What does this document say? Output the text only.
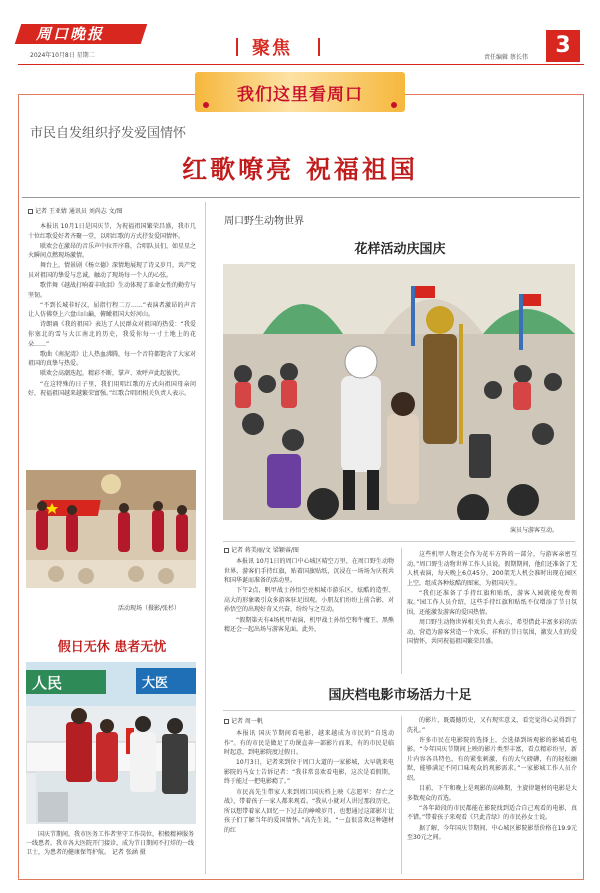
周口晚报
2024年10月8日 星期二	聚焦	责任编辑 蔡长伟	3
我们这里看周口
市民自发组织抒发爱国情怀
红歌嘹亮 祝福祖国
记者 王亚婧 通讯员 刘尚志 文/图

本报讯 10月1日是国庆节，为祝福祖国繁荣昌盛，我市几十位红歌爱好者齐聚一堂，以唱红歌的方式抒发爱国情怀。

联欢会在激昂的音乐声中拉开序幕，合唱队员们，如星星之火瞬间点燃现场激情。

舞台上，情景剧《杨立德》深情地展现了诗义岁月，共产党员对祖国的挚爱与忠诚，触动了现场每一个人的心弦。

歌伴舞《越战打响着丰收泪》生动体现了革命女性的勤劳与坚韧。

“不到长城非好汉，屈指行程二万……”表演者激昂的声音让人仿佛登上六盘山山巅，俯瞰祖国大好河山。

诗朗诵《我的祖国》表达了人民群众对祖国的热爱：“我爱你塞北的雪与大江南北的历史，我爱你每一寸土地上的花朵……”

歌曲《南泥湾》让人热血沸腾，每一个音符都饱含了大家对祖国的真挚与热爱。

联欢会高潮迭起，精彩不断，掌声、欢呼声此起彼伏。

“在这特殊的日子里，我们用唱红歌的方式向祖国母亲问好，祝福祖国越来越繁荣富强。”红歌合唱团相关负责人表示。

活动现场（摄影/张杉）
假日无休 患者无忧
人民	大医
国庆节期间，我市医务工作者坚守工作岗位，积极精神服务一线患者。我市各大医院开门接诊，成为节日期间不打烊的一线卫士，为患者的健康保驾护航。 记者 张涵 摄
周口野生动物世界
花样活动庆国庆
演员与游客互动。
记者 蒋美丽/文 梁颖睿/图

本报讯 10月1日的周口中心城区晴空万里，在周口野生动物世界，游客们手持红旗，贴着国旗贴纸，沉浸在一场场为庆祝共和国华诞而准备的活动里。

下午2点，帆甲战士孙悟空亮相城市游乐区，炫酷的造型、高大的形象吸引众多游客驻足围观。小朋友们纷纷上前合影，对孙悟空的出现好奇又兴奋，纷纷与之互动。

“假期第天有4场机甲表演，机甲战士孙悟空和牛魔王、黑熊精还会一起出场与游客见面。此外，

这些机甲人物还会作为花车方阵的一部分，与游客亲密互动。”周口野生动物世界工作人员说。假期期间，他们还准备了无人机表演，每天晚上6点45分，200架无人机会准时出现在园区上空，组成各种炫酷的图案，为祖国庆生。

“我们还准备了手持红旗和贴纸，游客入园就能免费领取。”园工作人员介绍，这些手持红旗和贴纸不仅增添了节日氛围，还能激发游客的爱国热情。

周口野生动物世界相关负责人表示，希望借此丰富多彩的活动，营造为游客营造一个欢乐、祥和的节日氛围，激发人们的爱国情怀，共同祝福祖国繁荣昌盛。

国庆档电影市场活力十足
记者 周一帆

本报讯 国庆节期间看电影，越来越成为市民的“自选动作”。有的市民是做足了功课直奔一部影片而来，有的市民是临时起意，到电影院度过假日。

10月3日，记者来到位于周口大道的一家影城，大早就来电影院的马女士告诉记者：“我非常喜欢看电影，这次是看假期，终于能过一把电影瘾了。”

市民高先生带家人来到周口国庆档上映《志愿军：存亡之战》，带着孩子一家人都来观看。“我从小就对人讲过那段历史，所以想带着家人回忆一下过去的峥嵘岁月，也想通过这部影片让孩子们了解当年的爱国情怀。”高先生说，“一直很喜欢这种题材的红

的影片，既震撼历史，又有现实意义，看完觉得心灵得到了洗礼。”

许多市民在电影院的选择上，会选择到场观影的影城看电影。“今年国庆节期间上映的影片类型丰富，看点精彩纷呈，新片内容各具特色，有的紧张刺激，有的大气磅礴，有的轻松幽默，能够满足不同口味观众的观影需求。”一家影城工作人员介绍。

目前，下午和晚上是观影的高峰期，主旋律题材的电影是大多数观众的首选。

“各年龄段的市民都能在影院找到适合自己观看的电影，真不错。”带着孩子来观看《只此青绿》的市民孙女士说。

据了解，今年国庆节期间，中心城区影院影票价格在19.9元至30元之间。
